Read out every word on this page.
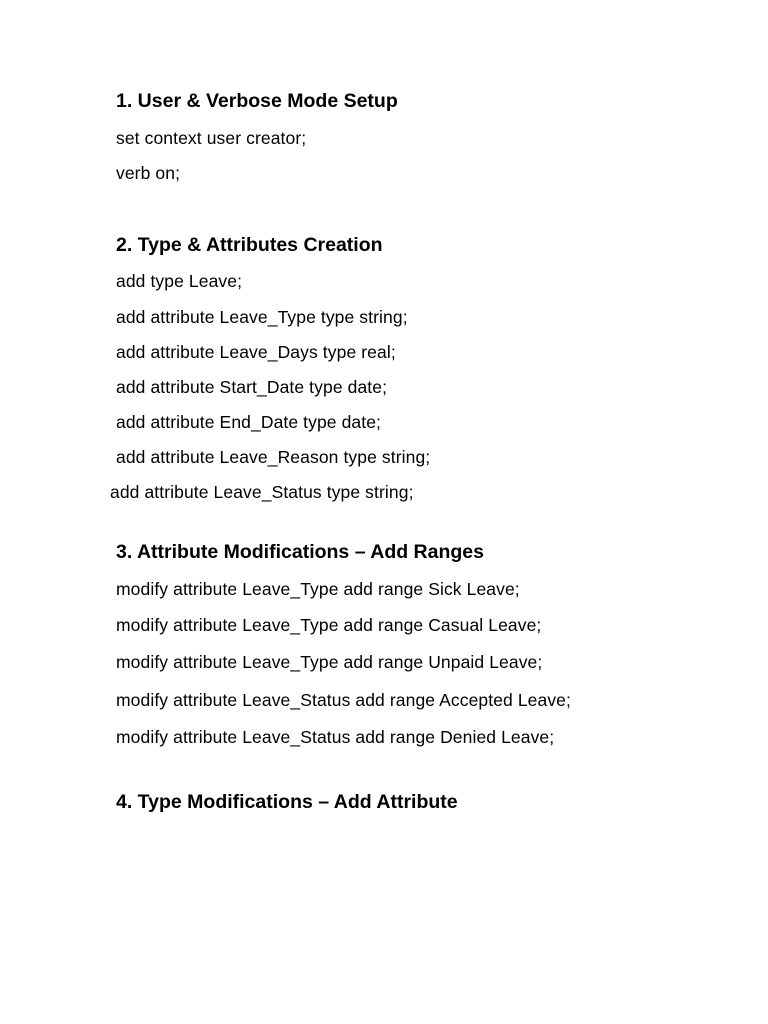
1. User & Verbose Mode Setup
set context user creator;
verb on;
2. Type & Attributes Creation
add type Leave;
add attribute Leave_Type type string;
add attribute Leave_Days type real;
add attribute Start_Date type date;
add attribute End_Date type date;
add attribute Leave_Reason type string;
add attribute Leave_Status type string;
3. Attribute Modifications – Add Ranges
modify attribute Leave_Type add range Sick Leave;
modify attribute Leave_Type add range Casual Leave;
modify attribute Leave_Type add range Unpaid Leave;
modify attribute Leave_Status add range Accepted Leave;
modify attribute Leave_Status add range Denied Leave;
4. Type Modifications – Add Attribute
